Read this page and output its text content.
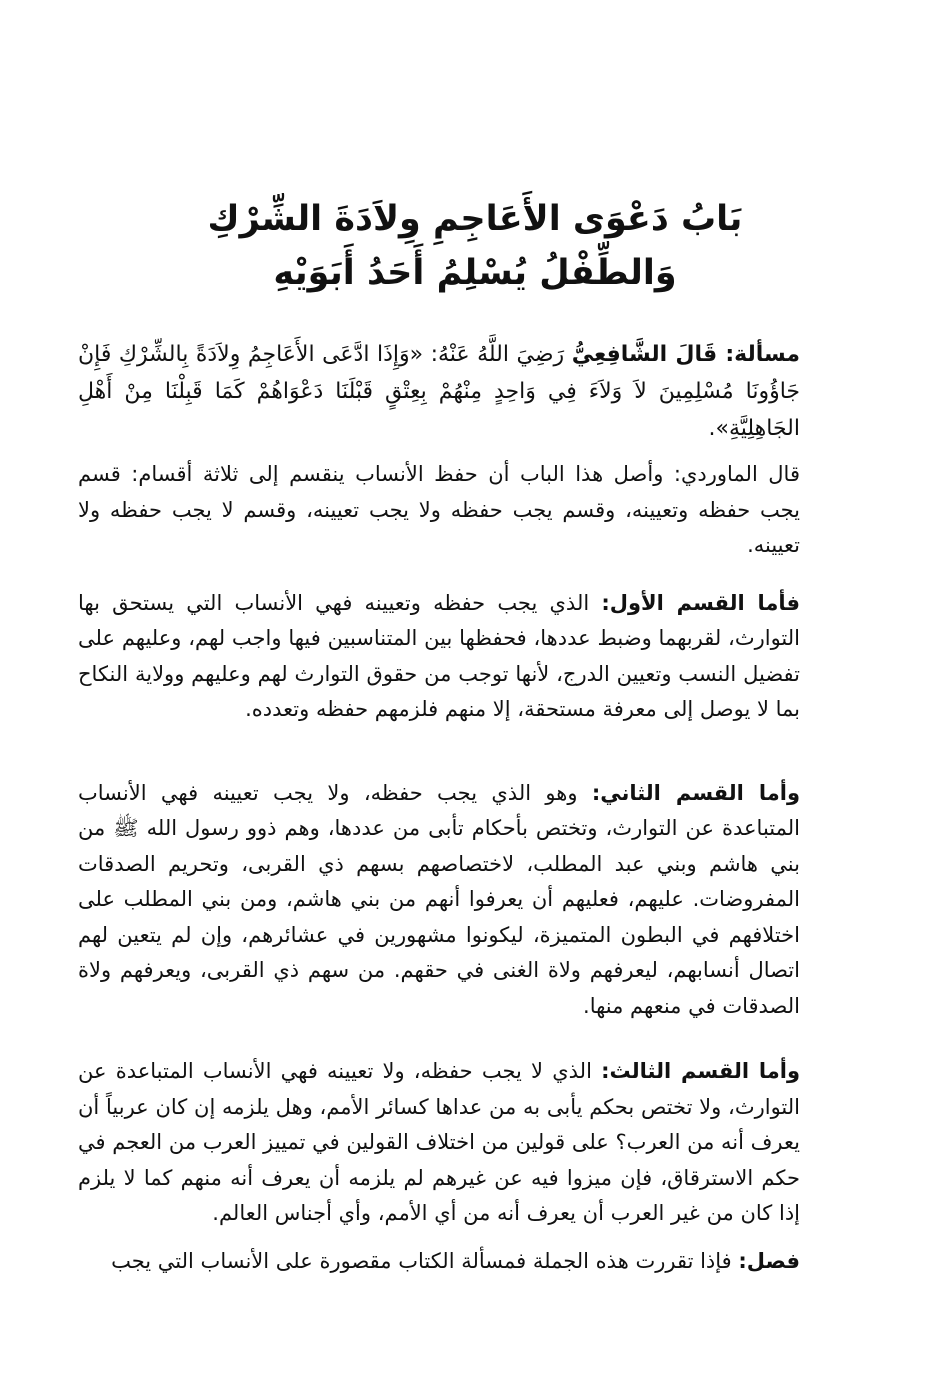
بَابُ دَعْوَى الأَعَاجِمِ وِلاَدَةَ الشِّرْكِ

وَالطِّفْلُ يُسْلِمُ أَحَدُ أَبَوَيْهِ

مسألة: قَالَ الشَّافِعِيُّ رَضِيَ اللَّهُ عَنْهُ: «وَإِذَا ادَّعَى الأَعَاجِمُ وِلاَدَةً بِالشِّرْكِ فَإِنْ جَاؤُونَا مُسْلِمِينَ لاَ وَلاَءَ فِي وَاحِدٍ مِنْهُمْ بِعِتْقٍ قَبْلَنَا دَعْوَاهُمْ كَمَا قَبِلْنَا مِنْ أَهْلِ الجَاهِلِيَّةِ».

قال الماوردي: وأصل هذا الباب أن حفظ الأنساب ينقسم إلى ثلاثة أقسام: قسم يجب حفظه وتعيينه، وقسم يجب حفظه ولا يجب تعيينه، وقسم لا يجب حفظه ولا تعيينه.

فأما القسم الأول: الذي يجب حفظه وتعيينه فهي الأنساب التي يستحق بها التوارث، لقربهما وضبط عددها، فحفظها بين المتناسبين فيها واجب لهم، وعليهم على تفضيل النسب وتعيين الدرج، لأنها توجب من حقوق التوارث لهم وعليهم وولاية النكاح بما لا يوصل إلى معرفة مستحقة، إلا منهم فلزمهم حفظه وتعدده.

وأما القسم الثاني: وهو الذي يجب حفظه، ولا يجب تعيينه فهي الأنساب المتباعدة عن التوارث، وتختص بأحكام تأبى من عددها، وهم ذوو رسول الله ﷺ من بني هاشم وبني عبد المطلب، لاختصاصهم بسهم ذي القربى، وتحريم الصدقات المفروضات. عليهم، فعليهم أن يعرفوا أنهم من بني هاشم، ومن بني المطلب على اختلافهم في البطون المتميزة، ليكونوا مشهورين في عشائرهم، وإن لم يتعين لهم اتصال أنسابهم، ليعرفهم ولاة الغنى في حقهم. من سهم ذي القربى، ويعرفهم ولاة الصدقات في منعهم منها.

وأما القسم الثالث: الذي لا يجب حفظه، ولا تعيينه فهي الأنساب المتباعدة عن التوارث، ولا تختص بحكم يأبى به من عداها كسائر الأمم، وهل يلزمه إن كان عربياً أن يعرف أنه من العرب؟ على قولين من اختلاف القولين في تمييز العرب من العجم في حكم الاسترقاق، فإن ميزوا فيه عن غيرهم لم يلزمه أن يعرف أنه منهم كما لا يلزم إذا كان من غير العرب أن يعرف أنه من أي الأمم، وأي أجناس العالم.

فصل: فإذا تقررت هذه الجملة فمسألة الكتاب مقصورة على الأنساب التي يجب
